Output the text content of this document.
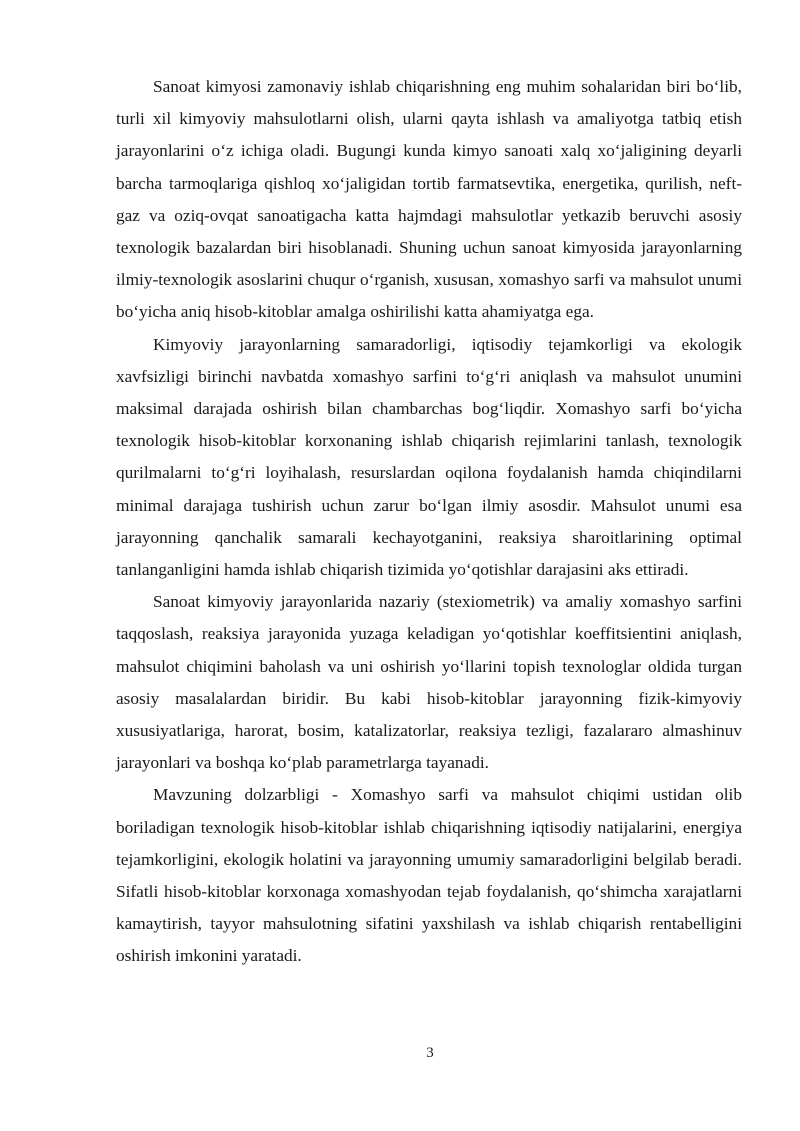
Sanoat kimyosi zamonaviy ishlab chiqarishning eng muhim sohalaridan biri bo‘lib, turli xil kimyoviy mahsulotlarni olish, ularni qayta ishlash va amaliyotga tatbiq etish jarayonlarini o‘z ichiga oladi. Bugungi kunda kimyo sanoati xalq xo‘jaligining deyarli barcha tarmoqlariga qishloq xo‘jaligidan tortib farmatsevtika, energetika, qurilish, neft-gaz va oziq-ovqat sanoatigacha katta hajmdagi mahsulotlar yetkazib beruvchi asosiy texnologik bazalardan biri hisoblanadi. Shuning uchun sanoat kimyosida jarayonlarning ilmiy-texnologik asoslarini chuqur o‘rganish, xususan, xomashyo sarfi va mahsulot unumi bo‘yicha aniq hisob-kitoblar amalga oshirilishi katta ahamiyatga ega.

Kimyoviy jarayonlarning samaradorligi, iqtisodiy tejamkorligi va ekologik xavfsizligi birinchi navbatda xomashyo sarfini to‘g‘ri aniqlash va mahsulot unumini maksimal darajada oshirish bilan chambarchas bog‘liqdir. Xomashyo sarfi bo‘yicha texnologik hisob-kitoblar korxonaning ishlab chiqarish rejimlarini tanlash, texnologik qurilmalarni to‘g‘ri loyihalash, resurslardan oqilona foydalanish hamda chiqindilarni minimal darajaga tushirish uchun zarur bo‘lgan ilmiy asosdir. Mahsulot unumi esa jarayonning qanchalik samarali kechayotganini, reaksiya sharoitlarining optimal tanlanganligini hamda ishlab chiqarish tizimida yo‘qotishlar darajasini aks ettiradi.

Sanoat kimyoviy jarayonlarida nazariy (stexiometrik) va amaliy xomashyo sarfini taqqoslash, reaksiya jarayonida yuzaga keladigan yo‘qotishlar koeffitsientini aniqlash, mahsulot chiqimini baholash va uni oshirish yo‘llarini topish texnologlar oldida turgan asosiy masalalardan biridir. Bu kabi hisob-kitoblar jarayonning fizik-kimyoviy xususiyatlariga, harorat, bosim, katalizatorlar, reaksiya tezligi, fazalararo almashinuv jarayonlari va boshqa ko‘plab parametrlarga tayanadi.

Mavzuning dolzarbligi - Xomashyo sarfi va mahsulot chiqimi ustidan olib boriladigan texnologik hisob-kitoblar ishlab chiqarishning iqtisodiy natijalarini, energiya tejamkorligini, ekologik holatini va jarayonning umumiy samaradorligini belgilab beradi. Sifatli hisob-kitoblar korxonaga xomashyodan tejab foydalanish, qo‘shimcha xarajatlarni kamaytirish, tayyor mahsulotning sifatini yaxshilash va ishlab chiqarish rentabelligini oshirish imkonini yaratadi.

3
